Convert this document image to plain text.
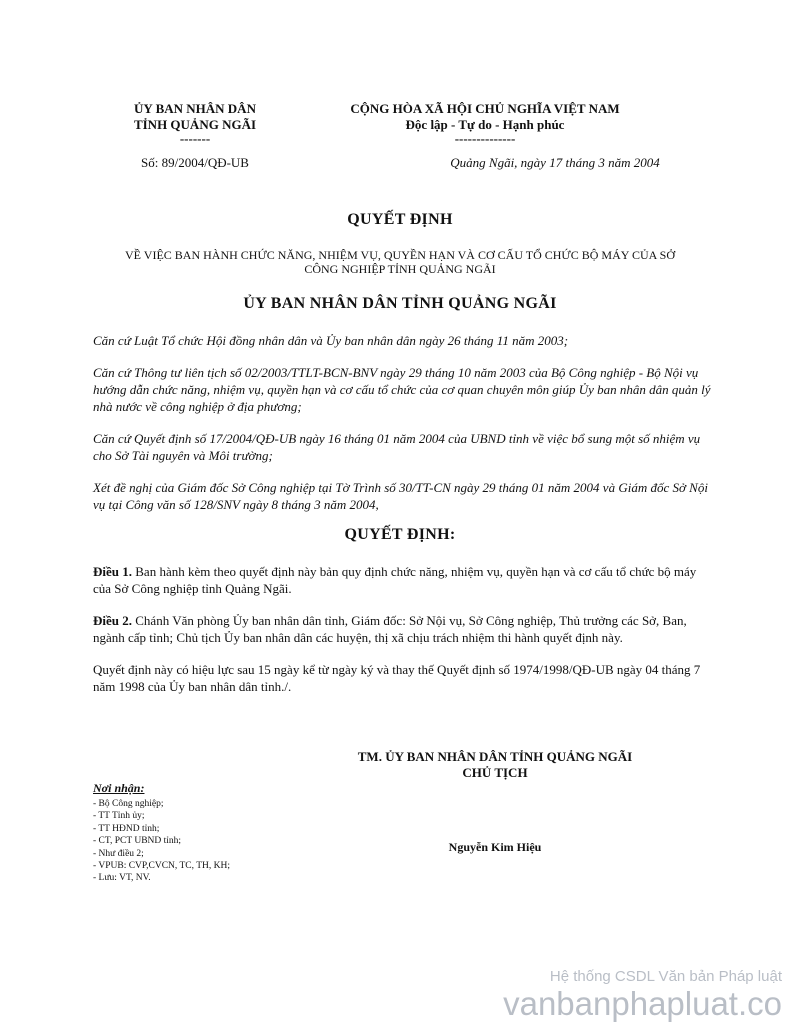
ỦY BAN NHÂN DÂN
TỈNH QUẢNG NGÃI
-------
CỘNG HÒA XÃ HỘI CHỦ NGHĨA VIỆT NAM
Độc lập - Tự do - Hạnh phúc
--------------
Số: 89/2004/QĐ-UB	Quảng Ngãi, ngày 17 tháng 3 năm 2004
QUYẾT ĐỊNH
VỀ VIỆC BAN HÀNH CHỨC NĂNG, NHIỆM VỤ, QUYỀN HẠN VÀ CƠ CẤU TỔ CHỨC BỘ MÁY CỦA SỞ
CÔNG NGHIỆP TỈNH QUẢNG NGÃI
ỦY BAN NHÂN DÂN TỈNH QUẢNG NGÃI
Căn cứ Luật Tổ chức Hội đồng nhân dân và Ủy ban nhân dân ngày 26 tháng 11 năm 2003;
Căn cứ Thông tư liên tịch số 02/2003/TTLT-BCN-BNV ngày 29 tháng 10 năm 2003 của Bộ Công nghiệp - Bộ Nội vụ hướng dẫn chức năng, nhiệm vụ, quyền hạn và cơ cấu tổ chức của cơ quan chuyên môn giúp Ủy ban nhân dân quản lý nhà nước về công nghiệp ở địa phương;
Căn cứ Quyết định số 17/2004/QĐ-UB ngày 16 tháng 01 năm 2004 của UBND tỉnh về việc bổ sung một số nhiệm vụ cho Sở Tài nguyên và Môi trường;
Xét đề nghị của Giám đốc Sở Công nghiệp tại Tờ Trình số 30/TT-CN ngày 29 tháng 01 năm 2004 và Giám đốc Sở Nội vụ tại Công văn số 128/SNV ngày 8 tháng 3 năm 2004,
QUYẾT ĐỊNH:
Điều 1. Ban hành kèm theo quyết định này bản quy định chức năng, nhiệm vụ, quyền hạn và cơ cấu tổ chức bộ máy của Sở Công nghiệp tỉnh Quảng Ngãi.
Điều 2. Chánh Văn phòng Ủy ban nhân dân tỉnh, Giám đốc: Sở Nội vụ, Sở Công nghiệp, Thủ trưởng các Sở, Ban, ngành cấp tỉnh; Chủ tịch Ủy ban nhân dân các huyện, thị xã chịu trách nhiệm thi hành quyết định này.
Quyết định này có hiệu lực sau 15 ngày kể từ ngày ký và thay thế Quyết định số 1974/1998/QĐ-UB ngày 04 tháng 7 năm 1998 của Ủy ban nhân dân tỉnh./.
TM. ỦY BAN NHÂN DÂN TỈNH QUẢNG NGÃI
CHỦ TỊCH
Nguyễn Kim Hiệu
Nơi nhận:
- Bộ Công nghiệp;
- TT Tỉnh ủy;
- TT HĐND tỉnh;
- CT, PCT UBND tỉnh;
- Như điều 2;
- VPUB: CVP,CVCN, TC, TH, KH;
- Lưu: VT, NV.
Hệ thống CSDL Văn bản Pháp luật
vanbanphapluat.co
